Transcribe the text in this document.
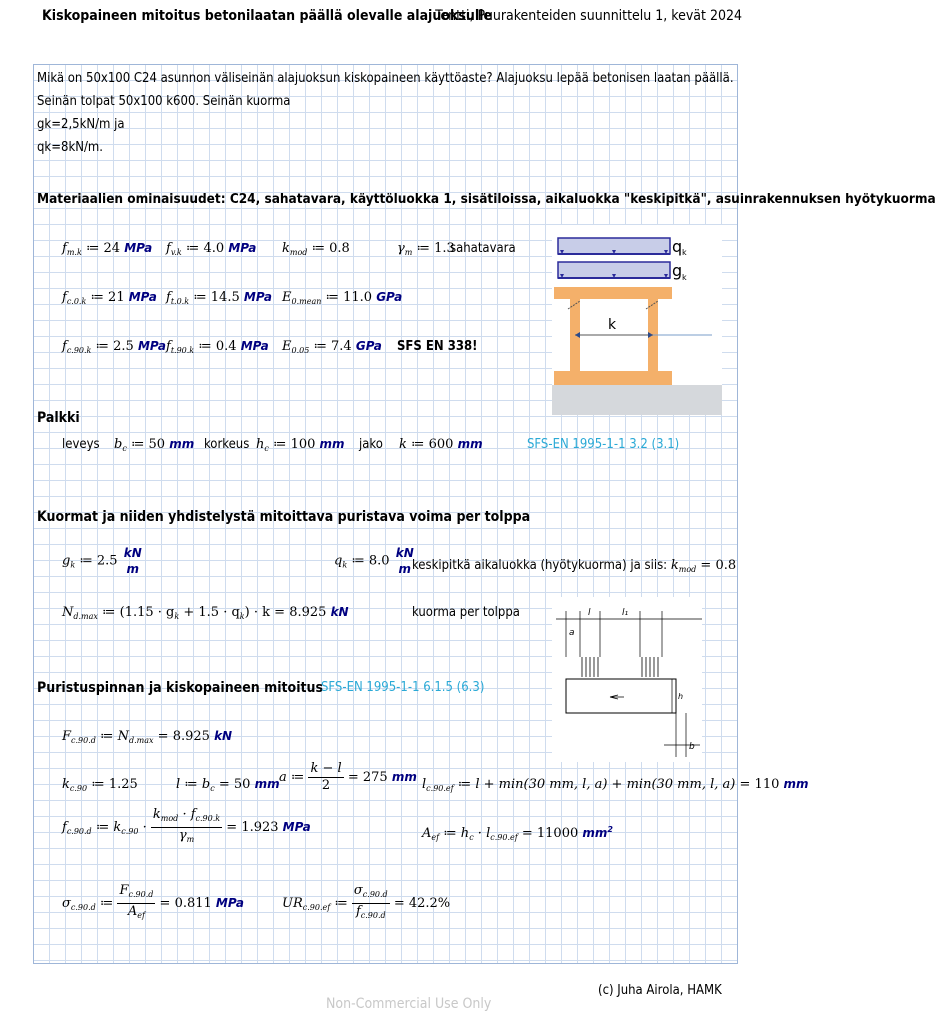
Kiskopaineen mitoitus betonilaatan päällä olevalle alajuoksulle
Tentti, Puurakenteiden suunnittelu 1, kevät 2024
Mikä on 50x100 C24 asunnon väliseinän alajuoksun kiskopaineen käyttöaste? Alajuoksu lepää betonisen laatan päällä.
Seinän tolpat 50x100 k600. Seinän kuorma
gk=2,5kN/m ja
qk=8kN/m.
Materiaalien ominaisuudet: C24, sahatavara, käyttöluokka 1, sisätiloissa, aikaluokka "keskipitkä", asuinrakennuksen hyötykuorma
$f_{m.k}$ ≔ 24 MPa $f_{v.k}$ ≔ 4.0 MPa $k_{mod}$ ≔ 0.8	$\gamma_m$ ≔ 1.3
sahatavara
$f_{c.0.k}$ ≔ 21 MPa $f_{t.0.k}$ ≔ 14.5 MPa $E_{0.mean}$ ≔ 11.0 GPa
$f_{c.90.k}$ ≔ 2.5 MPa $f_{t.90.k}$ ≔ 0.4 MPa $E_{0.05}$ ≔ 7.4 GPa SFS EN 338!
q k
g k
k
Palkki
leveys $b_c$ ≔ 50 mm korkeus $h_c$ ≔ 100 mm jako k ≔ 600 mm	SFS-EN 1995-1-1 3.2 (3.1)
Kuormat ja niiden yhdistelystä mitoittava puristava voima per tolppa
$g_k$ ≔ 2.5
kN
m
$q_k$ ≔ 8.0
kN
m keskipitkä aikaluokka (hyötykuorma) ja siis: $k_{mod} = 0.8$
$N_{d.max}$ ≔ $(1.15 \cdot g_k + 1.5 \cdot q_k) \cdot k = 8.925$ kN	kuorma per tolppa
a
l	l₁
h
b
Puristuspinnan ja kiskopaineen mitoitus
SFS-EN 1995-1-1 6.1.5 (6.3)
$F_{c.90.d}$ ≔ $N_{d.max} = 8.925$ kN
$k_{c.90}$ ≔ 1.25	l ≔ $b_c = 50$ mm a ≔ $\frac{k - l}{2} = 275$ mm $l_{c.90.ef}$ ≔ l + min(30 mm, l, a) + min(30 mm, l, a) = 110 mm
$f_{c.90.d}$ ≔ $k_{c.90} \cdot \frac{k_{mod} \cdot f_{c.90.k}}{\gamma_m} = 1.923$ MPa	$A_{ef}$ ≔ $h_c \cdot l_{c.90.ef} = 11000$ $mm^2$
$\sigma_{c.90.d}$ ≔ $\frac{F_{c.90.d}}{A_{ef}} = 0.811$ MPa	$UR_{c.90.ef}$ ≔ $\frac{\sigma_{c.90.d}}{f_{c.90.d}} = 42.2\%$
(c) Juha Airola, HAMK
Non-Commercial Use Only
